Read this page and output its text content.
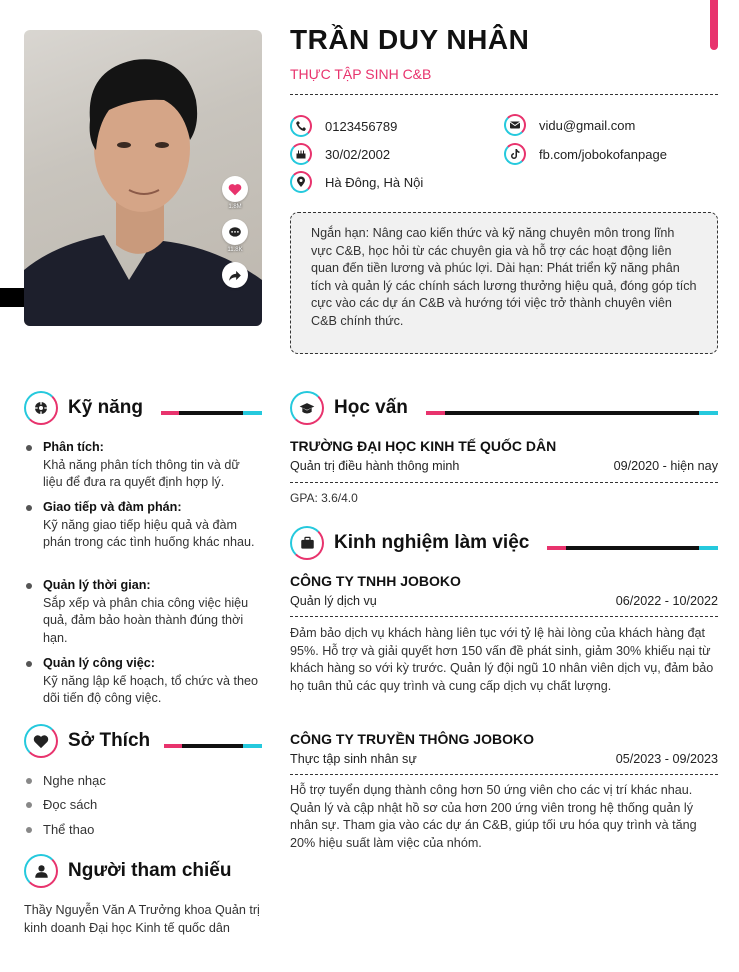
1.8M
11.8K
TRẦN DUY NHÂN
THỰC TẬP SINH C&B
0123456789
30/02/2002
Hà Đông, Hà Nội
vidu@gmail.com
fb.com/jobokofanpage
Ngắn hạn: Nâng cao kiến thức và kỹ năng chuyên môn trong lĩnh vực C&B, học hỏi từ các chuyên gia và hỗ trợ các hoạt động liên quan đến tiền lương và phúc lợi. Dài hạn: Phát triển kỹ năng phân tích và quản lý các chính sách lương thưởng hiệu quả, đóng góp tích cực vào các dự án C&B và hướng tới việc trở thành chuyên viên C&B chính thức.
Kỹ năng
Phân tích:
Khả năng phân tích thông tin và dữ liệu để đưa ra quyết định hợp lý.
Giao tiếp và đàm phán:
Kỹ năng giao tiếp hiệu quả và đàm phán trong các tình huống khác nhau.
Quản lý thời gian:
Sắp xếp và phân chia công việc hiệu quả, đảm bảo hoàn thành đúng thời hạn.
Quản lý công việc:
Kỹ năng lập kế hoạch, tổ chức và theo dõi tiến độ công việc.
Sở Thích
Nghe nhạc
Đọc sách
Thể thao
Người tham chiếu
Thầy Nguyễn Văn A Trưởng khoa Quản trị kinh doanh Đại học Kinh tế quốc dân
Học vấn
TRƯỜNG ĐẠI HỌC KINH TẾ QUỐC DÂN
Quản trị điều hành thông minh	09/2020 - hiện nay
GPA: 3.6/4.0
Kinh nghiệm làm việc
CÔNG TY TNHH JOBOKO
Quản lý dịch vụ	06/2022 - 10/2022
Đảm bảo dịch vụ khách hàng liên tục với tỷ lệ hài lòng của khách hàng đạt 95%. Hỗ trợ và giải quyết hơn 150 vấn đề phát sinh, giảm 30% khiếu nại từ khách hàng so với kỳ trước. Quản lý đội ngũ 10 nhân viên dịch vụ, đảm bảo họ tuân thủ các quy trình và cung cấp dịch vụ chất lượng.
CÔNG TY TRUYỀN THÔNG JOBOKO
Thực tập sinh nhân sự	05/2023 - 09/2023
Hỗ trợ tuyển dụng thành công hơn 50 ứng viên cho các vị trí khác nhau. Quản lý và cập nhật hồ sơ của hơn 200 ứng viên trong hệ thống quản lý nhân sự. Tham gia vào các dự án C&B, giúp tối ưu hóa quy trình và tăng 20% hiệu suất làm việc của nhóm.
